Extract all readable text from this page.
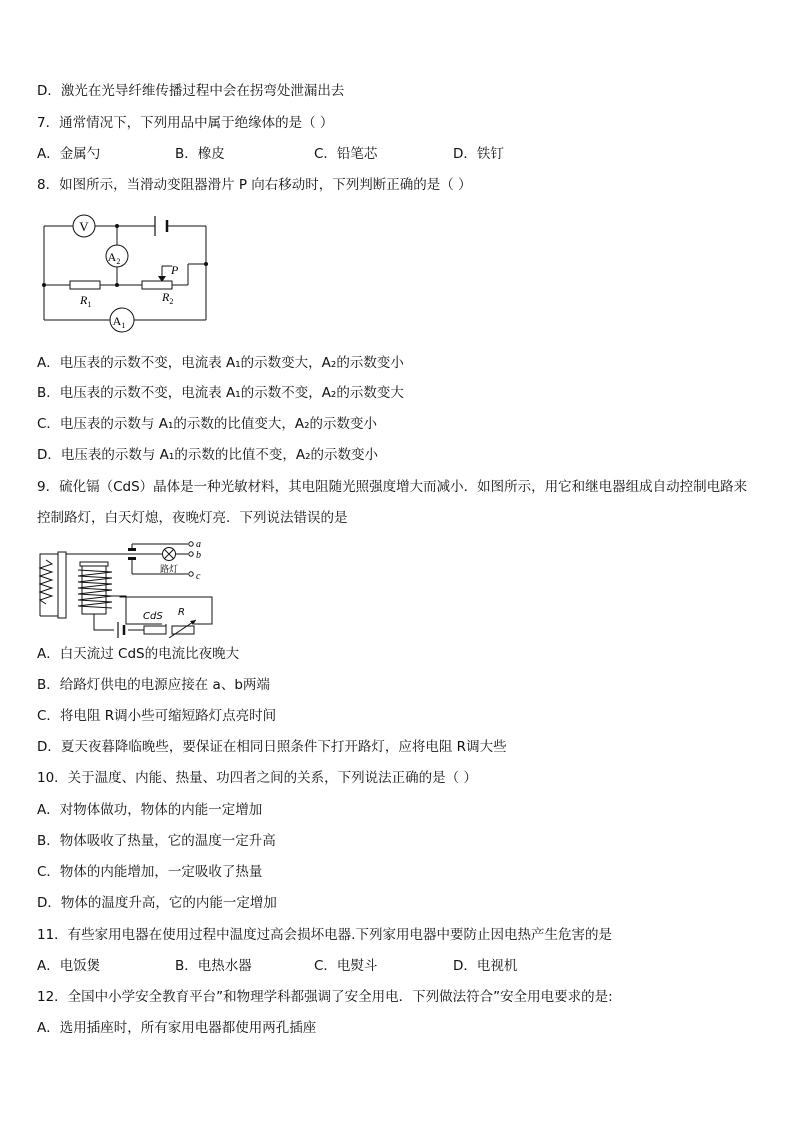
D．激光在光导纤维传播过程中会在拐弯处泄漏出去
7．通常情况下，下列用品中属于绝缘体的是（ ）
A．金属勺	B．橡皮	C．铅笔芯	D．铁钉
8．如图所示，当滑动变阻器滑片 P 向右移动时，下列判断正确的是（ ）
V
$A_2$
$A_1$
P
$R_1$
$R_2$
A．电压表的示数不变，电流表 A₁的示数变大，A₂的示数变小
B．电压表的示数不变，电流表 A₁的示数不变，A₂的示数变大
C．电压表的示数与 A₁的示数的比值变大，A₂的示数变小
D．电压表的示数与 A₁的示数的比值不变，A₂的示数变小
9．硫化镉（CdS）晶体是一种光敏材料，其电阻随光照强度增大而减小．如图所示，用它和继电器组成自动控制电路来
控制路灯，白天灯熄，夜晚灯亮．下列说法错误的是
a
b
c
路灯
CdS R
A．白天流过 CdS的电流比夜晚大
B．给路灯供电的电源应接在 a、b两端
C．将电阻 R调小些可缩短路灯点亮时间
D．夏天夜暮降临晚些，要保证在相同日照条件下打开路灯，应将电阻 R调大些
10．关于温度、内能、热量、功四者之间的关系，下列说法正确的是（ ）
A．对物体做功，物体的内能一定增加
B．物体吸收了热量，它的温度一定升高
C．物体的内能增加，一定吸收了热量
D．物体的温度升高，它的内能一定增加
11．有些家用电器在使用过程中温度过高会损坏电器.下列家用电器中要防止因电热产生危害的是
A．电饭煲	B．电热水器	C．电熨斗	D．电视机
12．全国中小学安全教育平台”和物理学科都强调了安全用电．下列做法符合”安全用电要求的是:
A．选用插座时，所有家用电器都使用两孔插座
